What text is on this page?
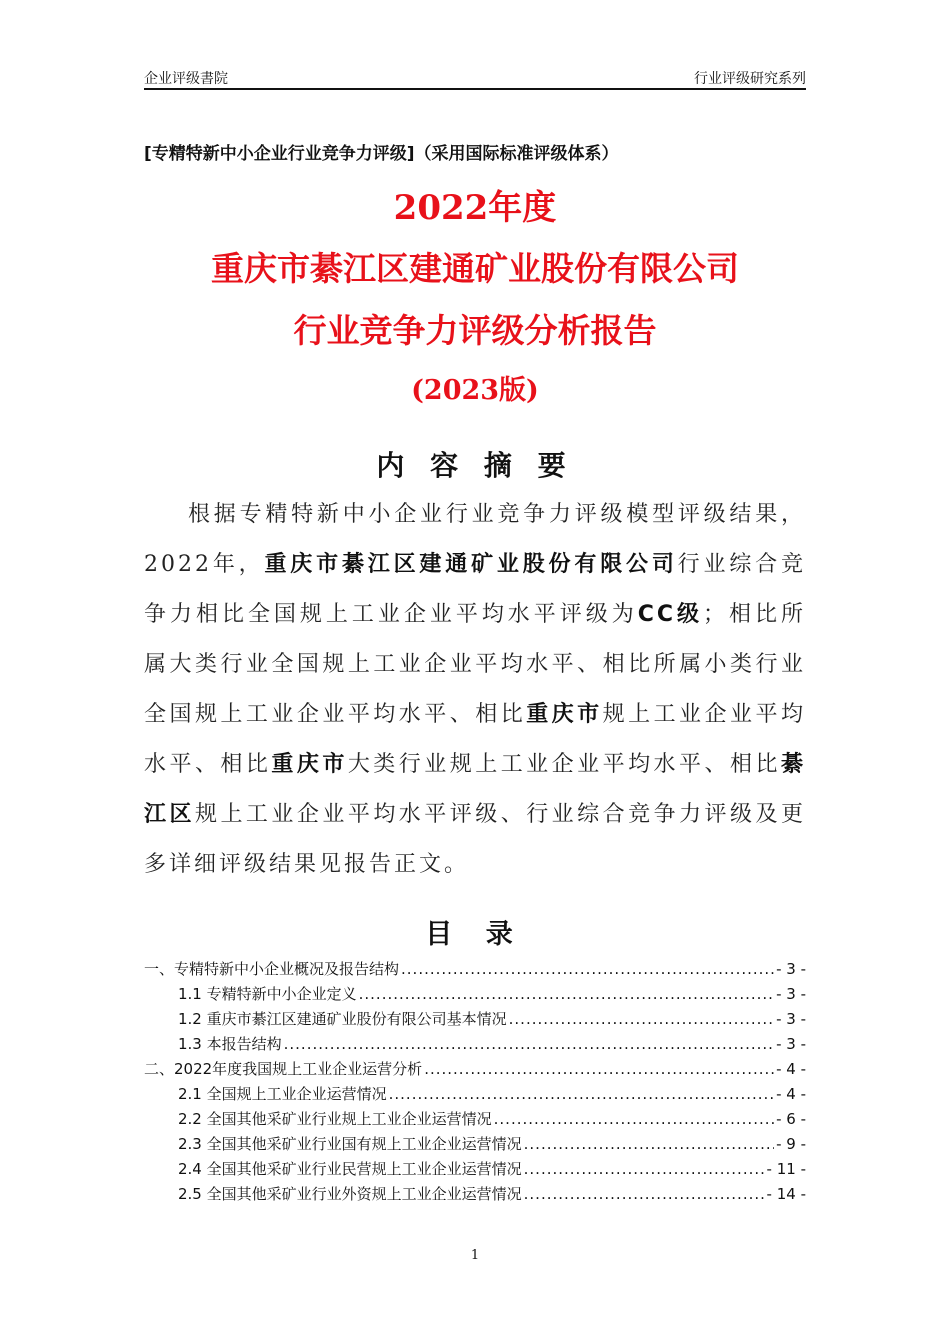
企业评级書院	行业评级研究系列
[专精特新中小企业行业竞争力评级]（采用国际标准评级体系）
2022年度
重庆市綦江区建通矿业股份有限公司
行业竞争力评级分析报告
(2023版)
内 容 摘 要
根据专精特新中小企业行业竞争力评级模型评级结果，2022年，重庆市綦江区建通矿业股份有限公司行业综合竞争力相比全国规上工业企业平均水平评级为CC级；相比所属大类行业全国规上工业企业平均水平、相比所属小类行业全国规上工业企业平均水平、相比重庆市规上工业企业平均水平、相比重庆市大类行业规上工业企业平均水平、相比綦江区规上工业企业平均水平评级、行业综合竞争力评级及更多详细评级结果见报告正文。
目 录
一、专精特新中小企业概况及报告结构 .....	- 3 -
1.1 专精特新中小企业定义 .....	- 3 -
1.2 重庆市綦江区建通矿业股份有限公司基本情况 .....	- 3 -
1.3 本报告结构 .....	- 3 -
二、2022年度我国规上工业企业运营分析 .....	- 4 -
2.1 全国规上工业企业运营情况 .....	- 4 -
2.2 全国其他采矿业行业规上工业企业运营情况 .....	- 6 -
2.3 全国其他采矿业行业国有规上工业企业运营情况 .....	- 9 -
2.4 全国其他采矿业行业民营规上工业企业运营情况 .....	- 11 -
2.5 全国其他采矿业行业外资规上工业企业运营情况 .....	- 14 -
1
